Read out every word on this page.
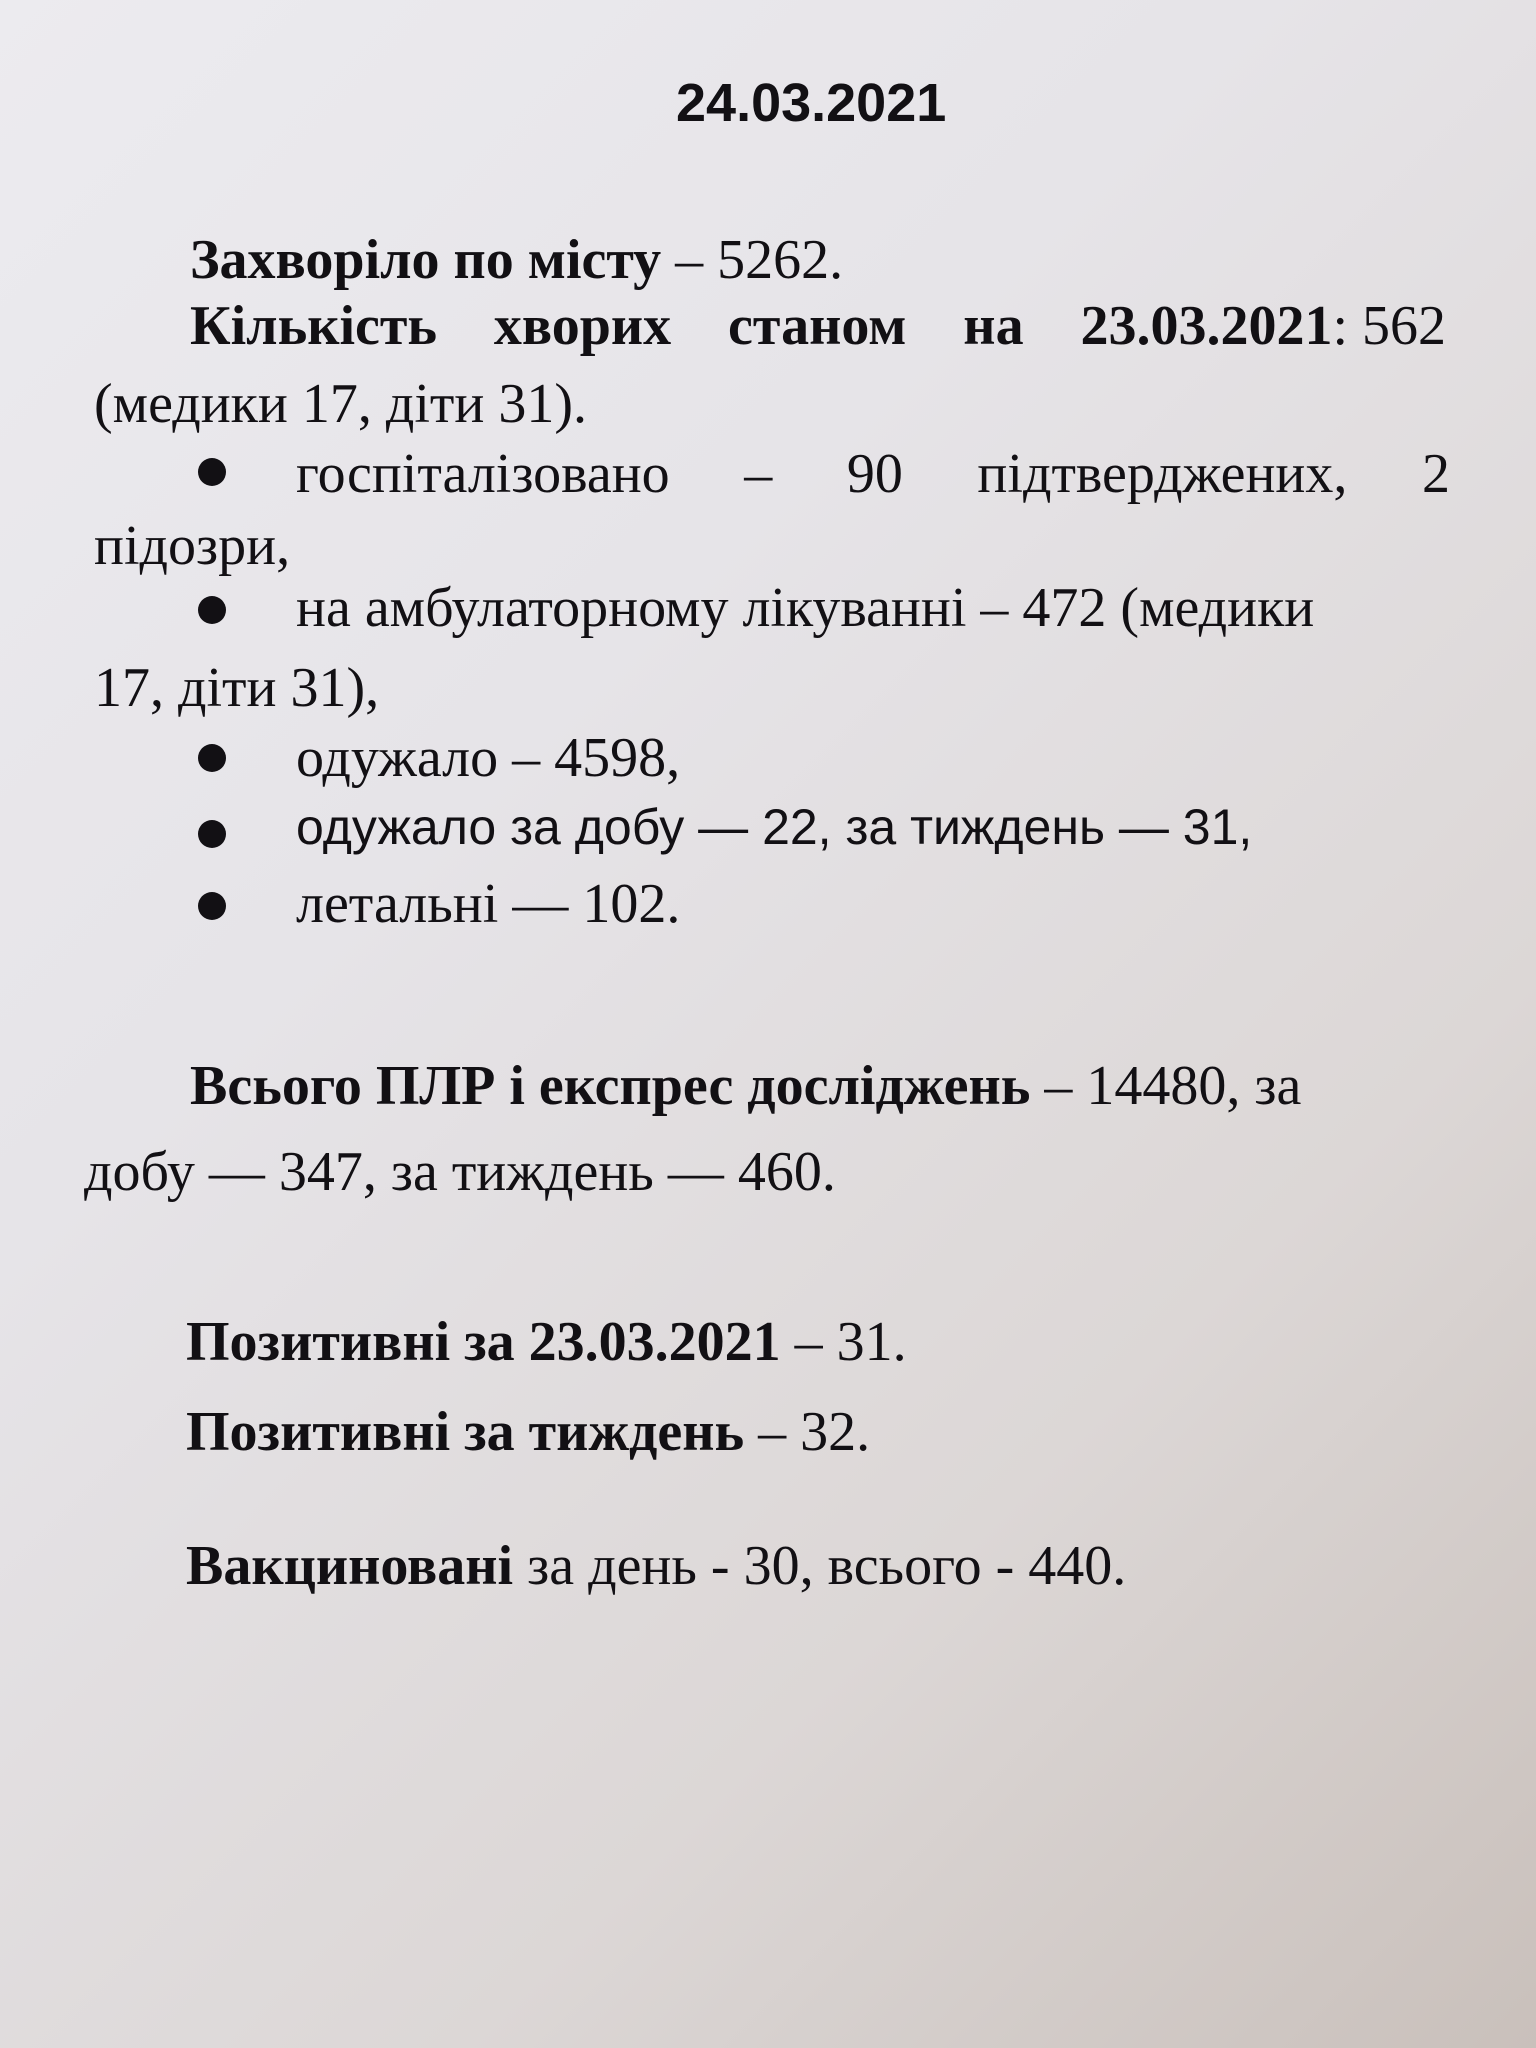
24.03.2021
Захворіло по місту – 5262.
Кількість хворих станом на 23.03.2021: 562
(медики 17, діти 31).
госпіталізовано – 90 підтверджених, 2
підозри,
на амбулаторному лікуванні – 472 (медики
17, діти 31),
одужало – 4598,
одужало за добу — 22, за тиждень — 31,
летальні — 102.
Всього ПЛР і експрес досліджень – 14480, за
добу — 347, за тиждень — 460.
Позитивні за 23.03.2021 – 31.
Позитивні за тиждень – 32.
Вакциновані за день - 30, всього - 440.
